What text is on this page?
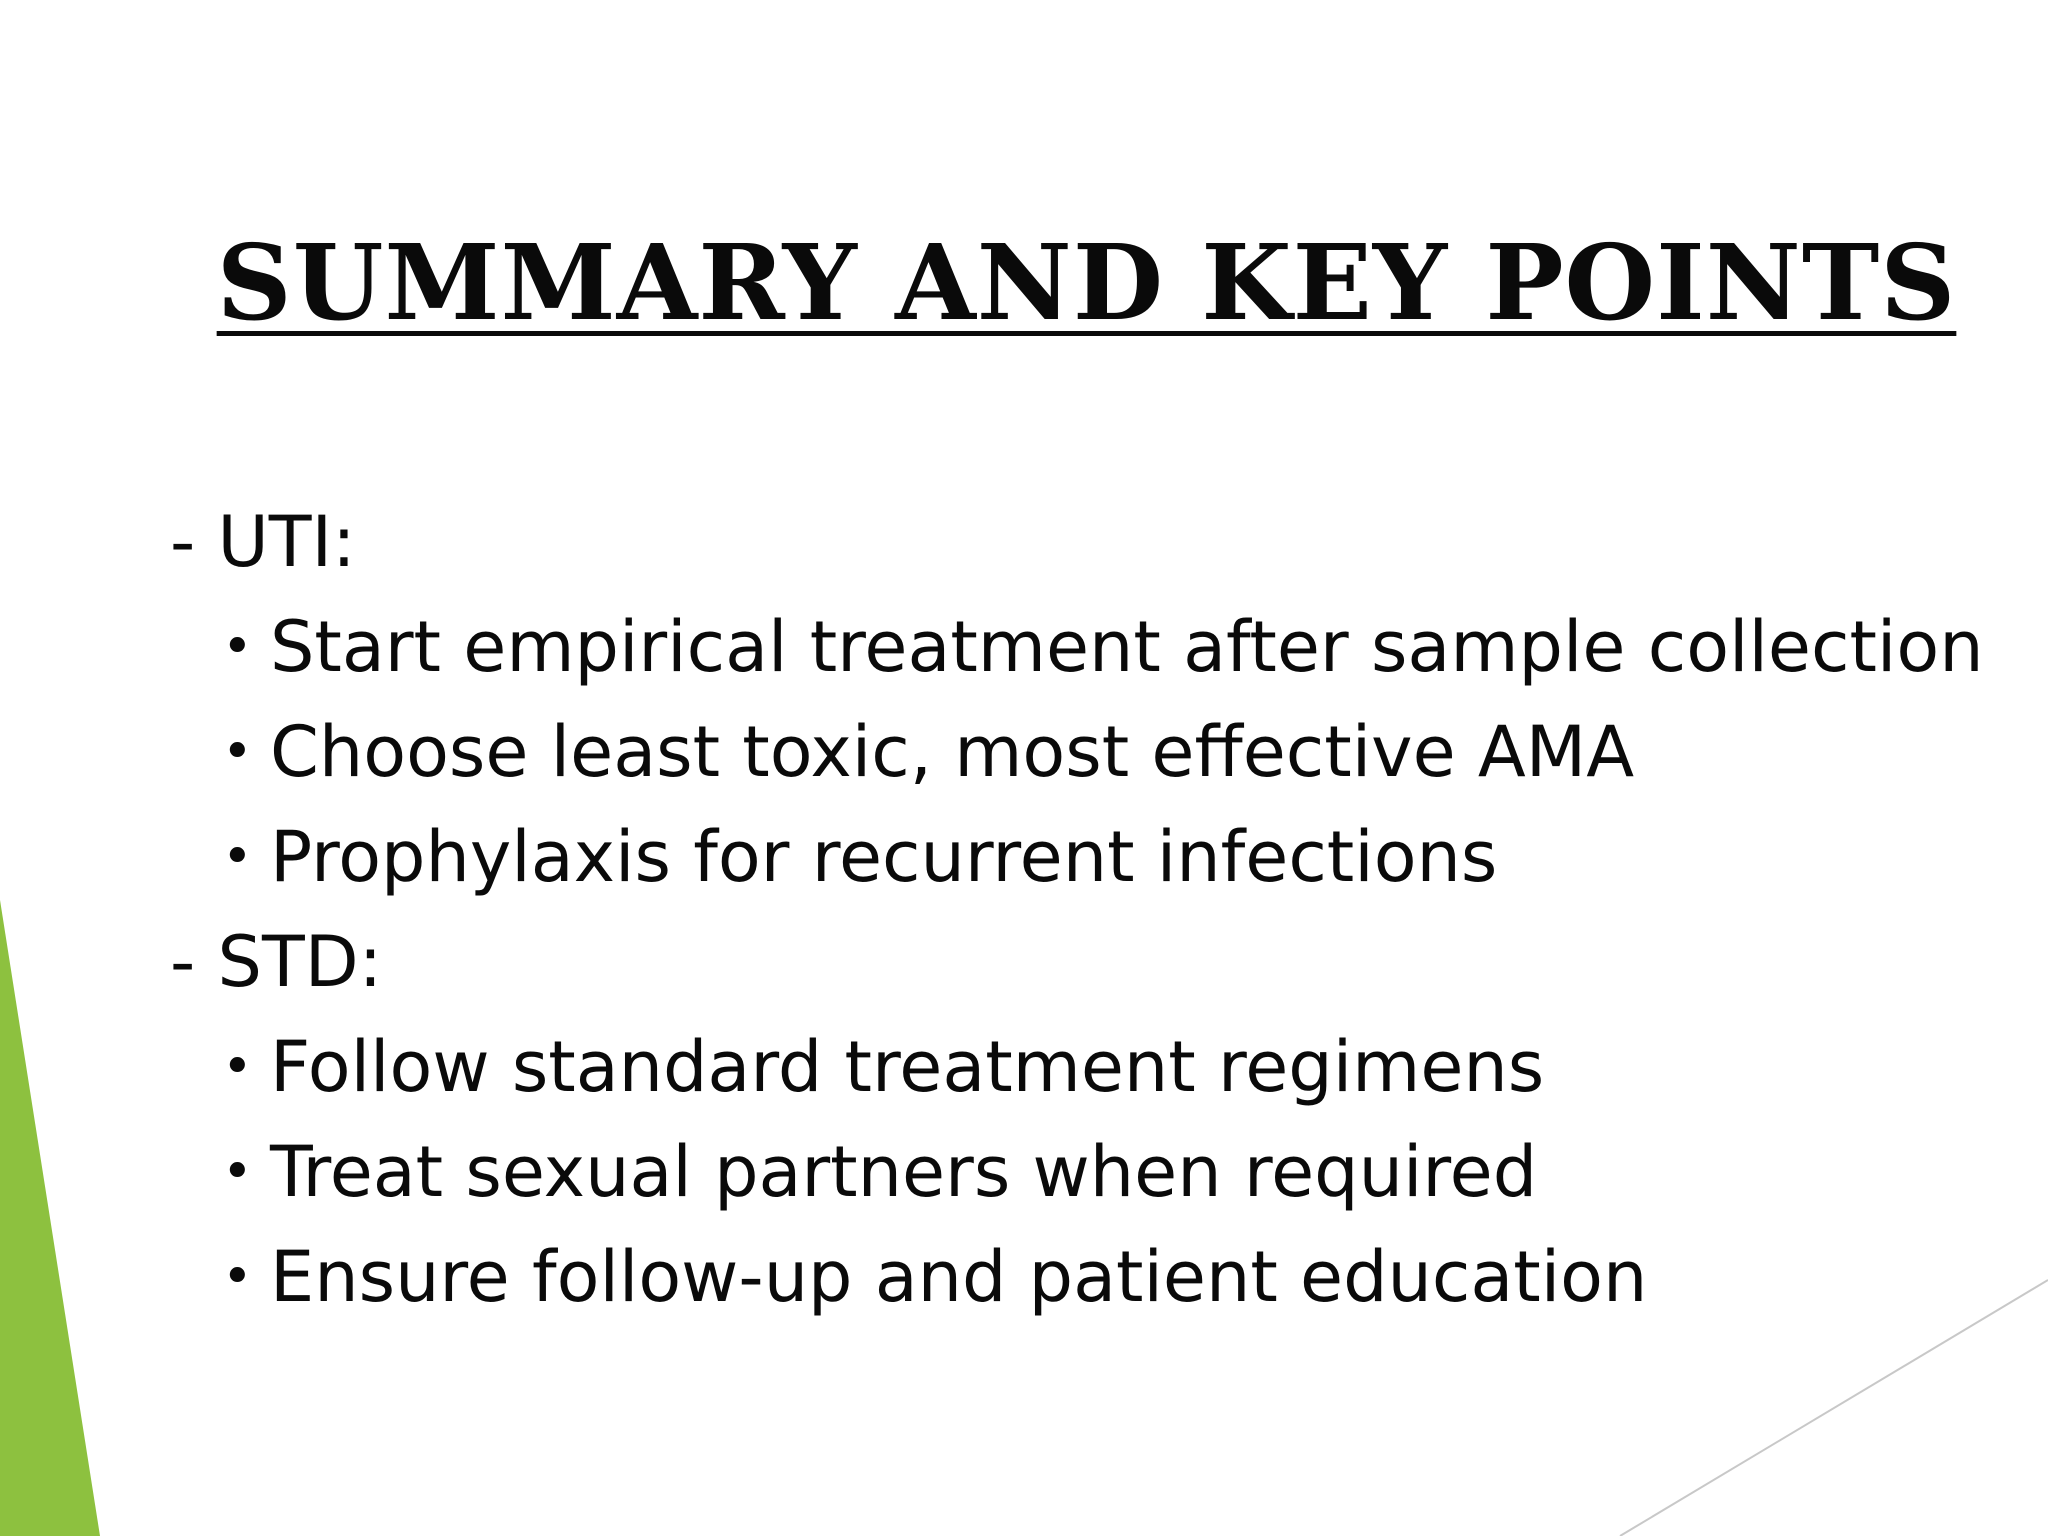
SUMMARY AND KEY POINTS
- UTI:
• Start empirical treatment after sample collection
• Choose least toxic, most effective AMA
• Prophylaxis for recurrent infections
- STD:
• Follow standard treatment regimens
• Treat sexual partners when required
• Ensure follow-up and patient education
